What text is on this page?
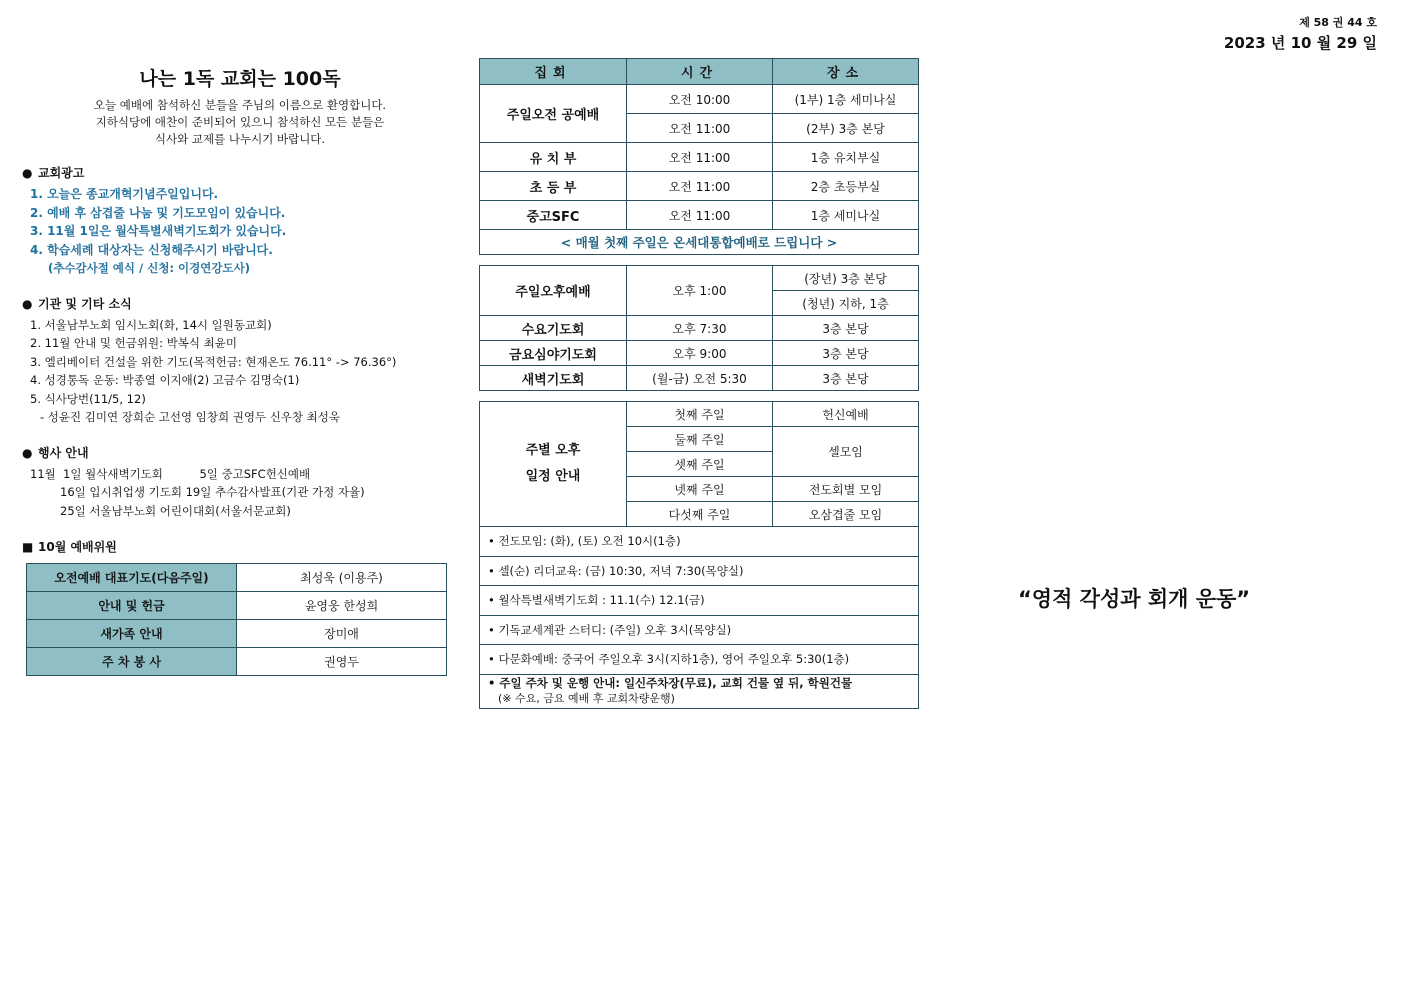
제 58 권 44 호
2023 년 10 월 29 일
나는 1독 교회는 100독
오늘 예배에 참석하신 분들을 주님의 이름으로 환영합니다.
지하식당에 애찬이 준비되어 있으니 참석하신 모든 분들은
식사와 교제를 나누시기 바랍니다.
● 교회광고
1. 오늘은 종교개혁기념주일입니다.
2. 예배 후 삼겹줄 나눔 및 기도모임이 있습니다.
3. 11월 1일은 월삭특별새벽기도회가 있습니다.
4. 학습세례 대상자는 신청해주시기 바랍니다.
(추수감사절 예식 / 신청: 이경연강도사)
● 기관 및 기타 소식
1. 서울남부노회 임시노회(화, 14시 일원동교회)
2. 11월 안내 및 헌금위원: 박복식 최윤미
3. 엘리베이터 건설을 위한 기도(목적헌금: 현재온도 76.11° -> 76.36°)
4. 성경통독 운동: 박종열 이지애(2) 고금수 김명숙(1)
5. 식사당번(11/5, 12)
- 성윤진 김미연 장희순 고선영 임창희 권영두 신우창 최성욱
● 행사 안내
11월  1일 월삭새벽기도회          5일 중고SFC헌신예배
16일 입시취업생 기도회 19일 추수감사발표(기관 가정 자율)
25일 서울남부노회 어린이대회(서울서문교회)
■ 10월 예배위원
오전예배 대표기도(다음주일)	최성욱 (이용주)
안내 및 헌금	윤영웅 한성희
새가족 안내	장미애
주 차 봉 사	권영두
집회	시간	장소
주일오전 공예배	오전 10:00	(1부) 1층 세미나실
	오전 11:00	(2부) 3층 본당
유 치 부	오전 11:00	1층 유치부실
초 등 부	오전 11:00	2층 초등부실
중고SFC	오전 11:00	1층 세미나실
< 매월 첫째 주일은 온세대통합예배로 드립니다 >		
주일오후예배	오후 1:00	(장년) 3층 본당
		(청년) 지하, 1층
수요기도회	오후 7:30	3층 본당
금요심야기도회	오후 9:00	3층 본당
새벽기도회	(월-금) 오전 5:30	3층 본당
주별 오후
일정 안내	첫째 주일	헌신예배
	둘째 주일	셀모임
	셋째 주일	
	넷째 주일	전도회별 모임
	다섯째 주일	오삼겹줄 모임
• 전도모임: (화), (토) 오전 10시(1층)		
• 셀(순) 리더교육: (금) 10:30, 저녁 7:30(목양실)		
• 월삭특별새벽기도회 : 11.1(수) 12.1(금)		
• 기독교세계관 스터디: (주일) 오후 3시(목양실)		
• 다문화예배: 중국어 주일오후 3시(지하1층), 영어 주일오후 5:30(1층)		

• 주일 주차 및 운행 안내: 일신주차장(무료), 교회 건물 옆 뒤, 학원건물
(※ 수요, 금요 예배 후 교회차량운행)		
“영적 각성과 회개 운동”
